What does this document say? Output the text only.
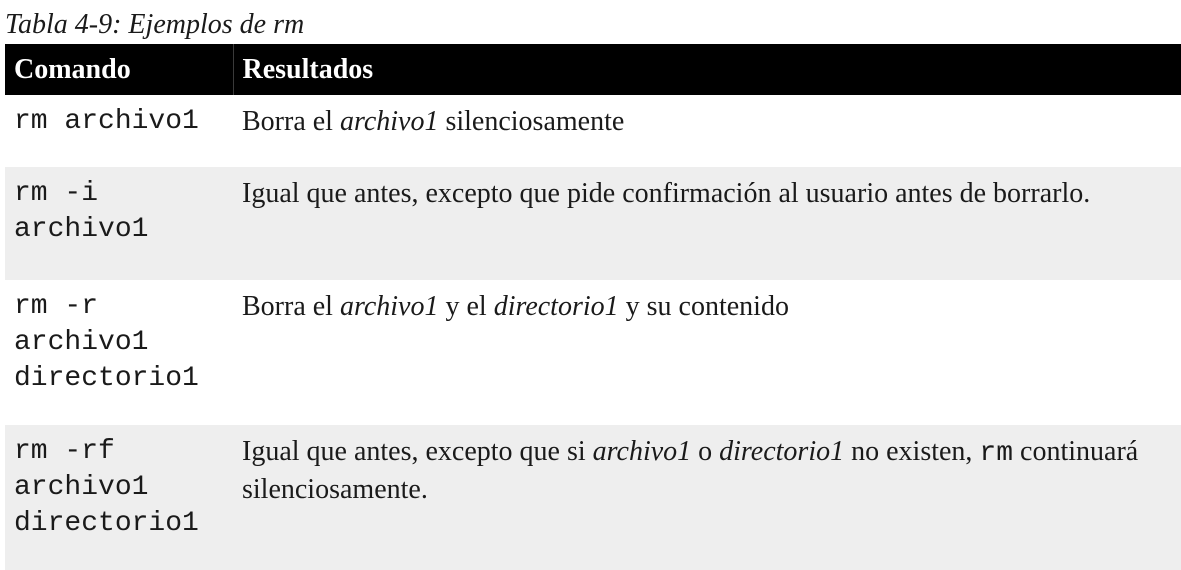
Tabla 4-9: Ejemplos de rm
Comando	Resultados

rm archivo1	Borra el archivo1 silenciosamente

rm -i
archivo1	Igual que antes, excepto que pide confirmación al usuario antes de borrarlo.

rm -r
archivo1
directorio1	Borra el archivo1 y el directorio1 y su contenido

rm -rf
archivo1
directorio1	Igual que antes, excepto que si archivo1 o directorio1 no existen, rm continuará silenciosamente.
